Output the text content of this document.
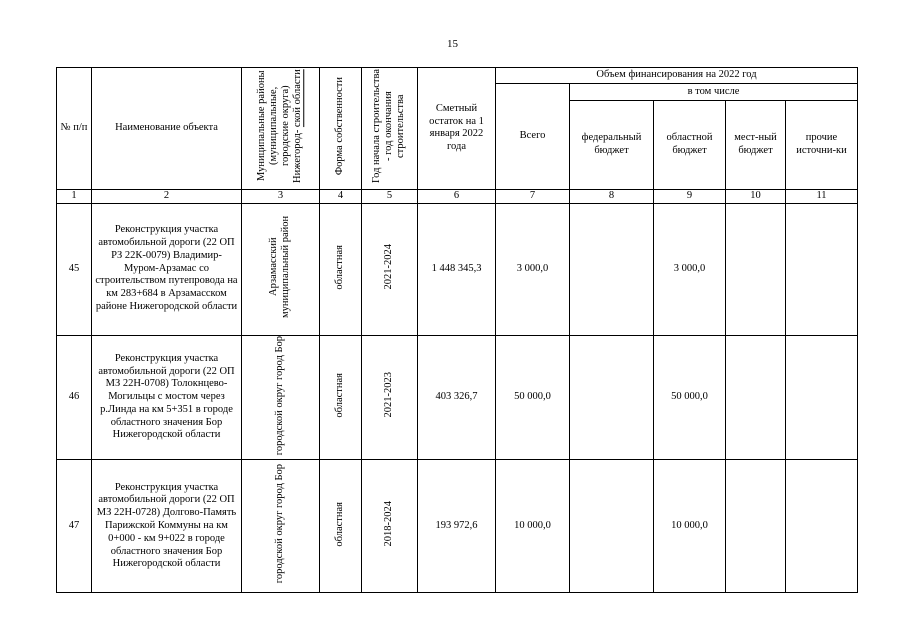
15
№ п/п	Наименование объекта	Муниципальные районы (муниципальные, городские округа) Нижегород- ской области	Форма собственности	Год начала строительства - год окончания строительства	Сметный остаток на 1 января 2022 года	Объем финансирования на 2022 год				
						Всего	в том числе			
							федеральный бюджет	областной бюджет	мест-ный бюджет	прочие источни-ки
1	2	3	4	5	6	7	8	9	10	11
45	Реконструкция участка автомобильной дороги (22 ОП РЗ 22К-0079) Владимир-Муром-Арзамас со строительством путепровода на км 283+684 в Арзамасском районе Нижегородской области	Арзамасский муниципальный район	областная	2021-2024	1 448 345,3	3 000,0		3 000,0		
46	Реконструкция участка автомобильной дороги (22 ОП МЗ 22Н-0708) Толокнцево-Могильцы с мостом через р.Линда на км 5+351 в городе областного значения Бор Нижегородской области	городской округ город Бор	областная	2021-2023	403 326,7	50 000,0		50 000,0		
47	Реконструкция участка автомобильной дороги (22 ОП МЗ 22Н-0728) Долгово-Память Парижской Коммуны на км 0+000 - км 9+022 в городе областного значения Бор Нижегородской области	городской округ город Бор	областная	2018-2024	193 972,6	10 000,0		10 000,0		
